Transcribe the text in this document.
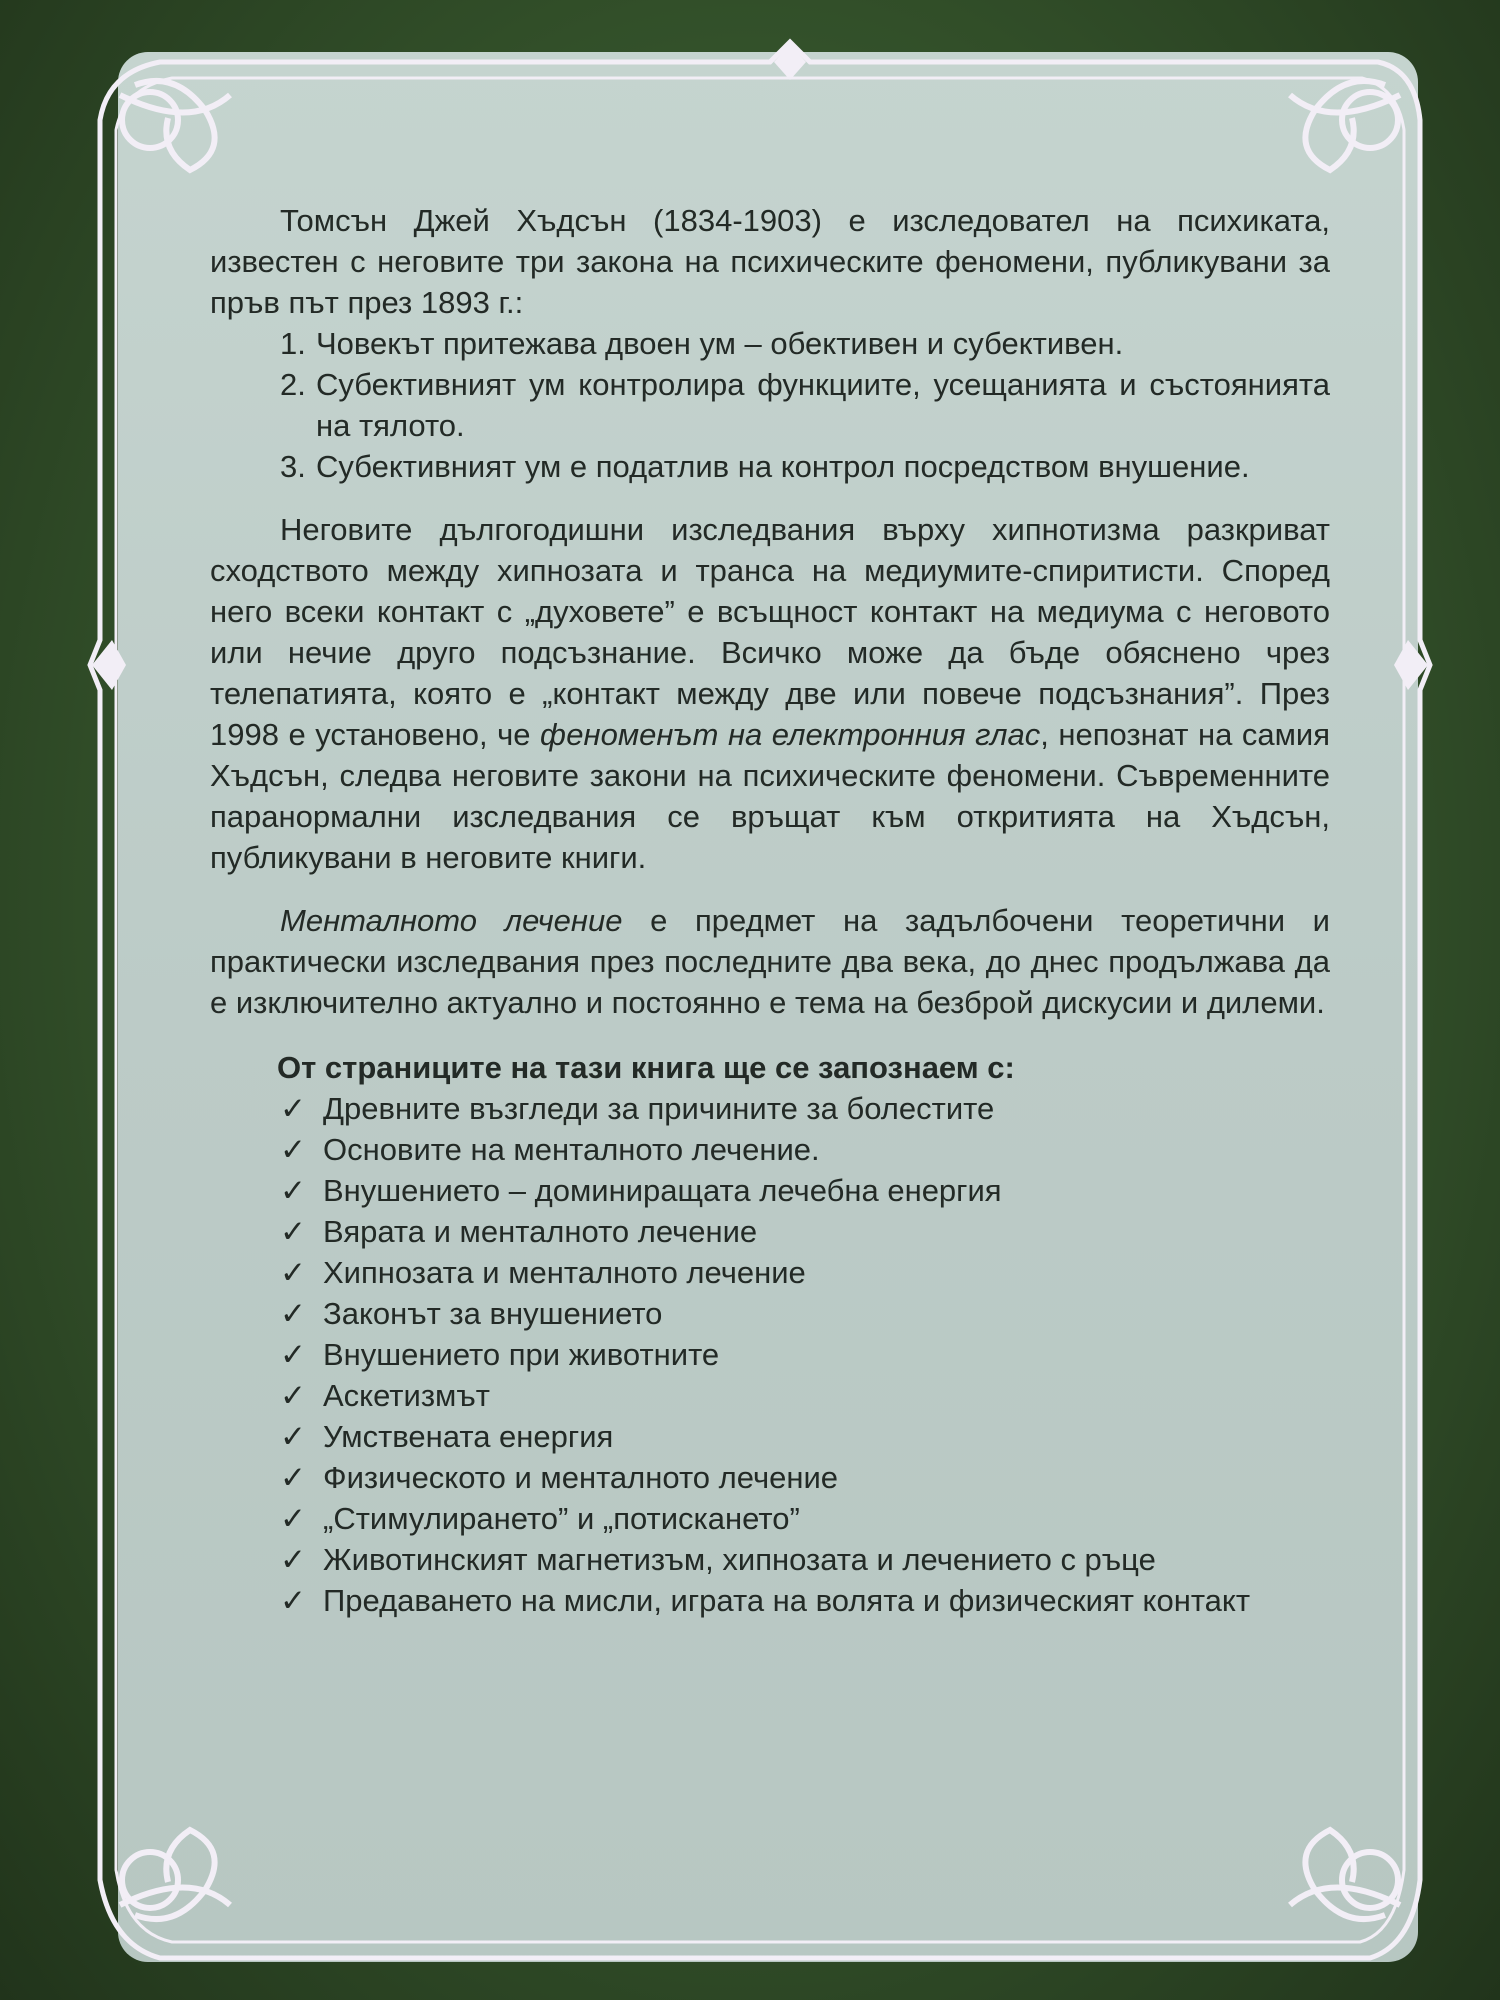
Томсън Джей Хъдсън (1834-1903) е изследовател на психиката, известен с неговите три закона на психическите феномени, публикувани за пръв път през 1893 г.:

1. Човекът притежава двоен ум – обективен и субективен.
2. Субективният ум контролира функциите, усещанията и състоянията на тялото.
3. Субективният ум е податлив на контрол посредством внушение.

Неговите дългогодишни изследвания върху хипнотизма разкриват сходството между хипнозата и транса на медиумите-спиритисти. Според него всеки контакт с „духовете” е всъщност контакт на медиума с неговото или нечие друго подсъзнание. Всичко може да бъде обяснено чрез телепатията, която е „контакт между две или повече подсъзнания”. През 1998 е установено, че феноменът на електронния глас, непознат на самия Хъдсън, следва неговите закони на психическите феномени. Съвременните паранормални изследвания се връщат към откритията на Хъдсън, публикувани в неговите книги.

Менталното лечение е предмет на задълбочени теоретични и практически изследвания през последните два века, до днес продължава да е изключително актуално и постоянно е тема на безброй дискусии и дилеми.

От страниците на тази книга ще се запознаем с:
✓ Древните възгледи за причините за болестите
✓ Основите на менталното лечение.
✓ Внушението – доминиращата лечебна енергия
✓ Вярата и менталното лечение
✓ Хипнозата и менталното лечение
✓ Законът за внушението
✓ Внушението при животните
✓ Аскетизмът
✓ Умствената енергия
✓ Физическото и менталното лечение
✓ „Стимулирането” и „потискането”
✓ Животинският магнетизъм, хипнозата и лечението с ръце
✓ Предаването на мисли, играта на волята и физическият контакт
